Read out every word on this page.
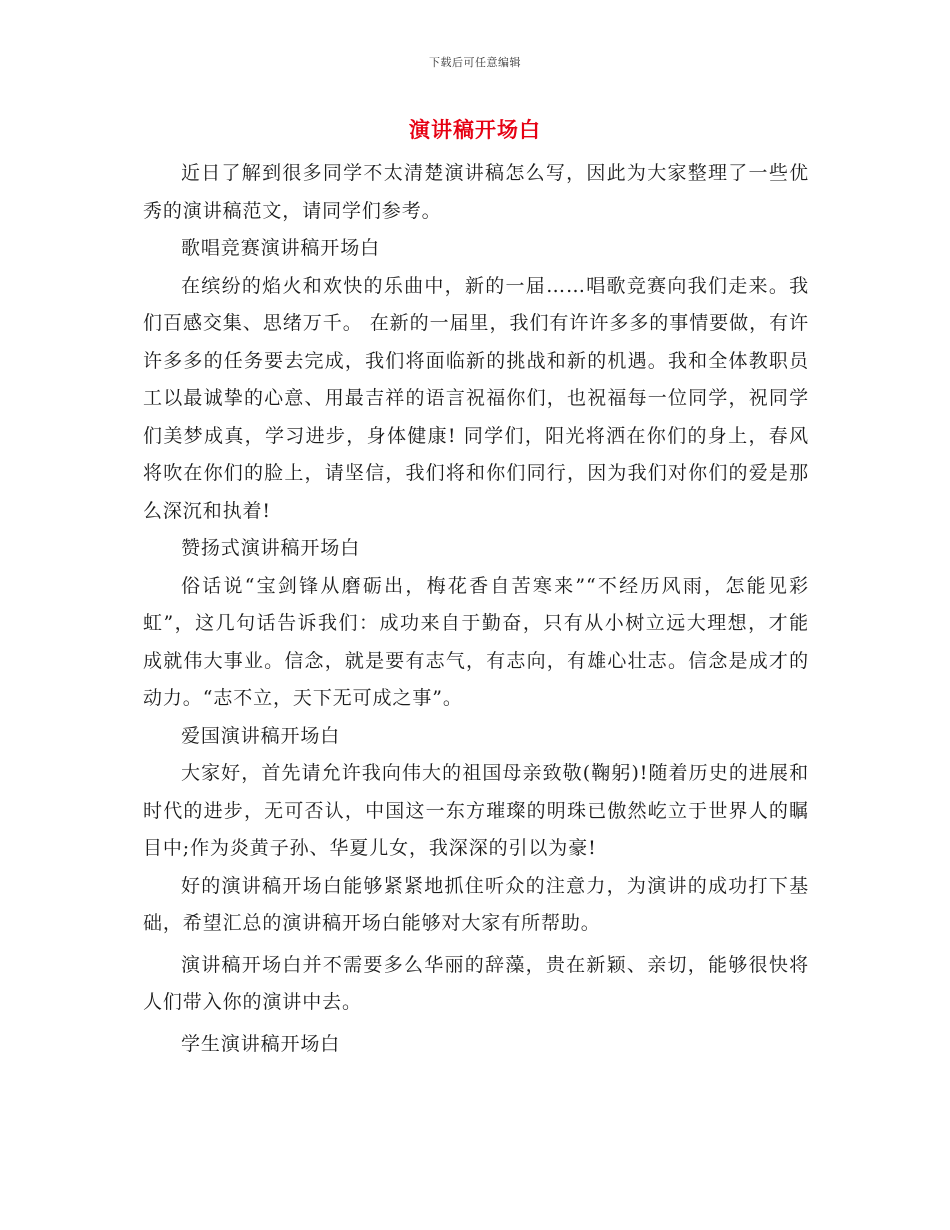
下载后可任意编辑
演讲稿开场白

近日了解到很多同学不太清楚演讲稿怎么写，因此为大家整理了一些优秀的演讲稿范文，请同学们参考。

歌唱竞赛演讲稿开场白

在缤纷的焰火和欢快的乐曲中，新的一届……唱歌竞赛向我们走来。我们百感交集、思绪万千。 在新的一届里，我们有许许多多的事情要做，有许许多多的任务要去完成，我们将面临新的挑战和新的机遇。我和全体教职员工以最诚挚的心意、用最吉祥的语言祝福你们，也祝福每一位同学，祝同学们美梦成真，学习进步，身体健康! 同学们，阳光将洒在你们的身上，春风将吹在你们的脸上，请坚信，我们将和你们同行，因为我们对你们的爱是那么深沉和执着!

赞扬式演讲稿开场白

俗话说“宝剑锋从磨砺出，梅花香自苦寒来”“不经历风雨，怎能见彩虹”，这几句话告诉我们：成功来自于勤奋，只有从小树立远大理想，才能成就伟大事业。信念，就是要有志气，有志向，有雄心壮志。信念是成才的动力。“志不立，天下无可成之事”。

爱国演讲稿开场白

大家好，首先请允许我向伟大的祖国母亲致敬(鞠躬)!随着历史的进展和时代的进步，无可否认，中国这一东方璀璨的明珠已傲然屹立于世界人的瞩目中;作为炎黄子孙、华夏儿女，我深深的引以为豪!

好的演讲稿开场白能够紧紧地抓住听众的注意力，为演讲的成功打下基础，希望汇总的演讲稿开场白能够对大家有所帮助。

演讲稿开场白并不需要多么华丽的辞藻，贵在新颖、亲切，能够很快将人们带入你的演讲中去。

学生演讲稿开场白
